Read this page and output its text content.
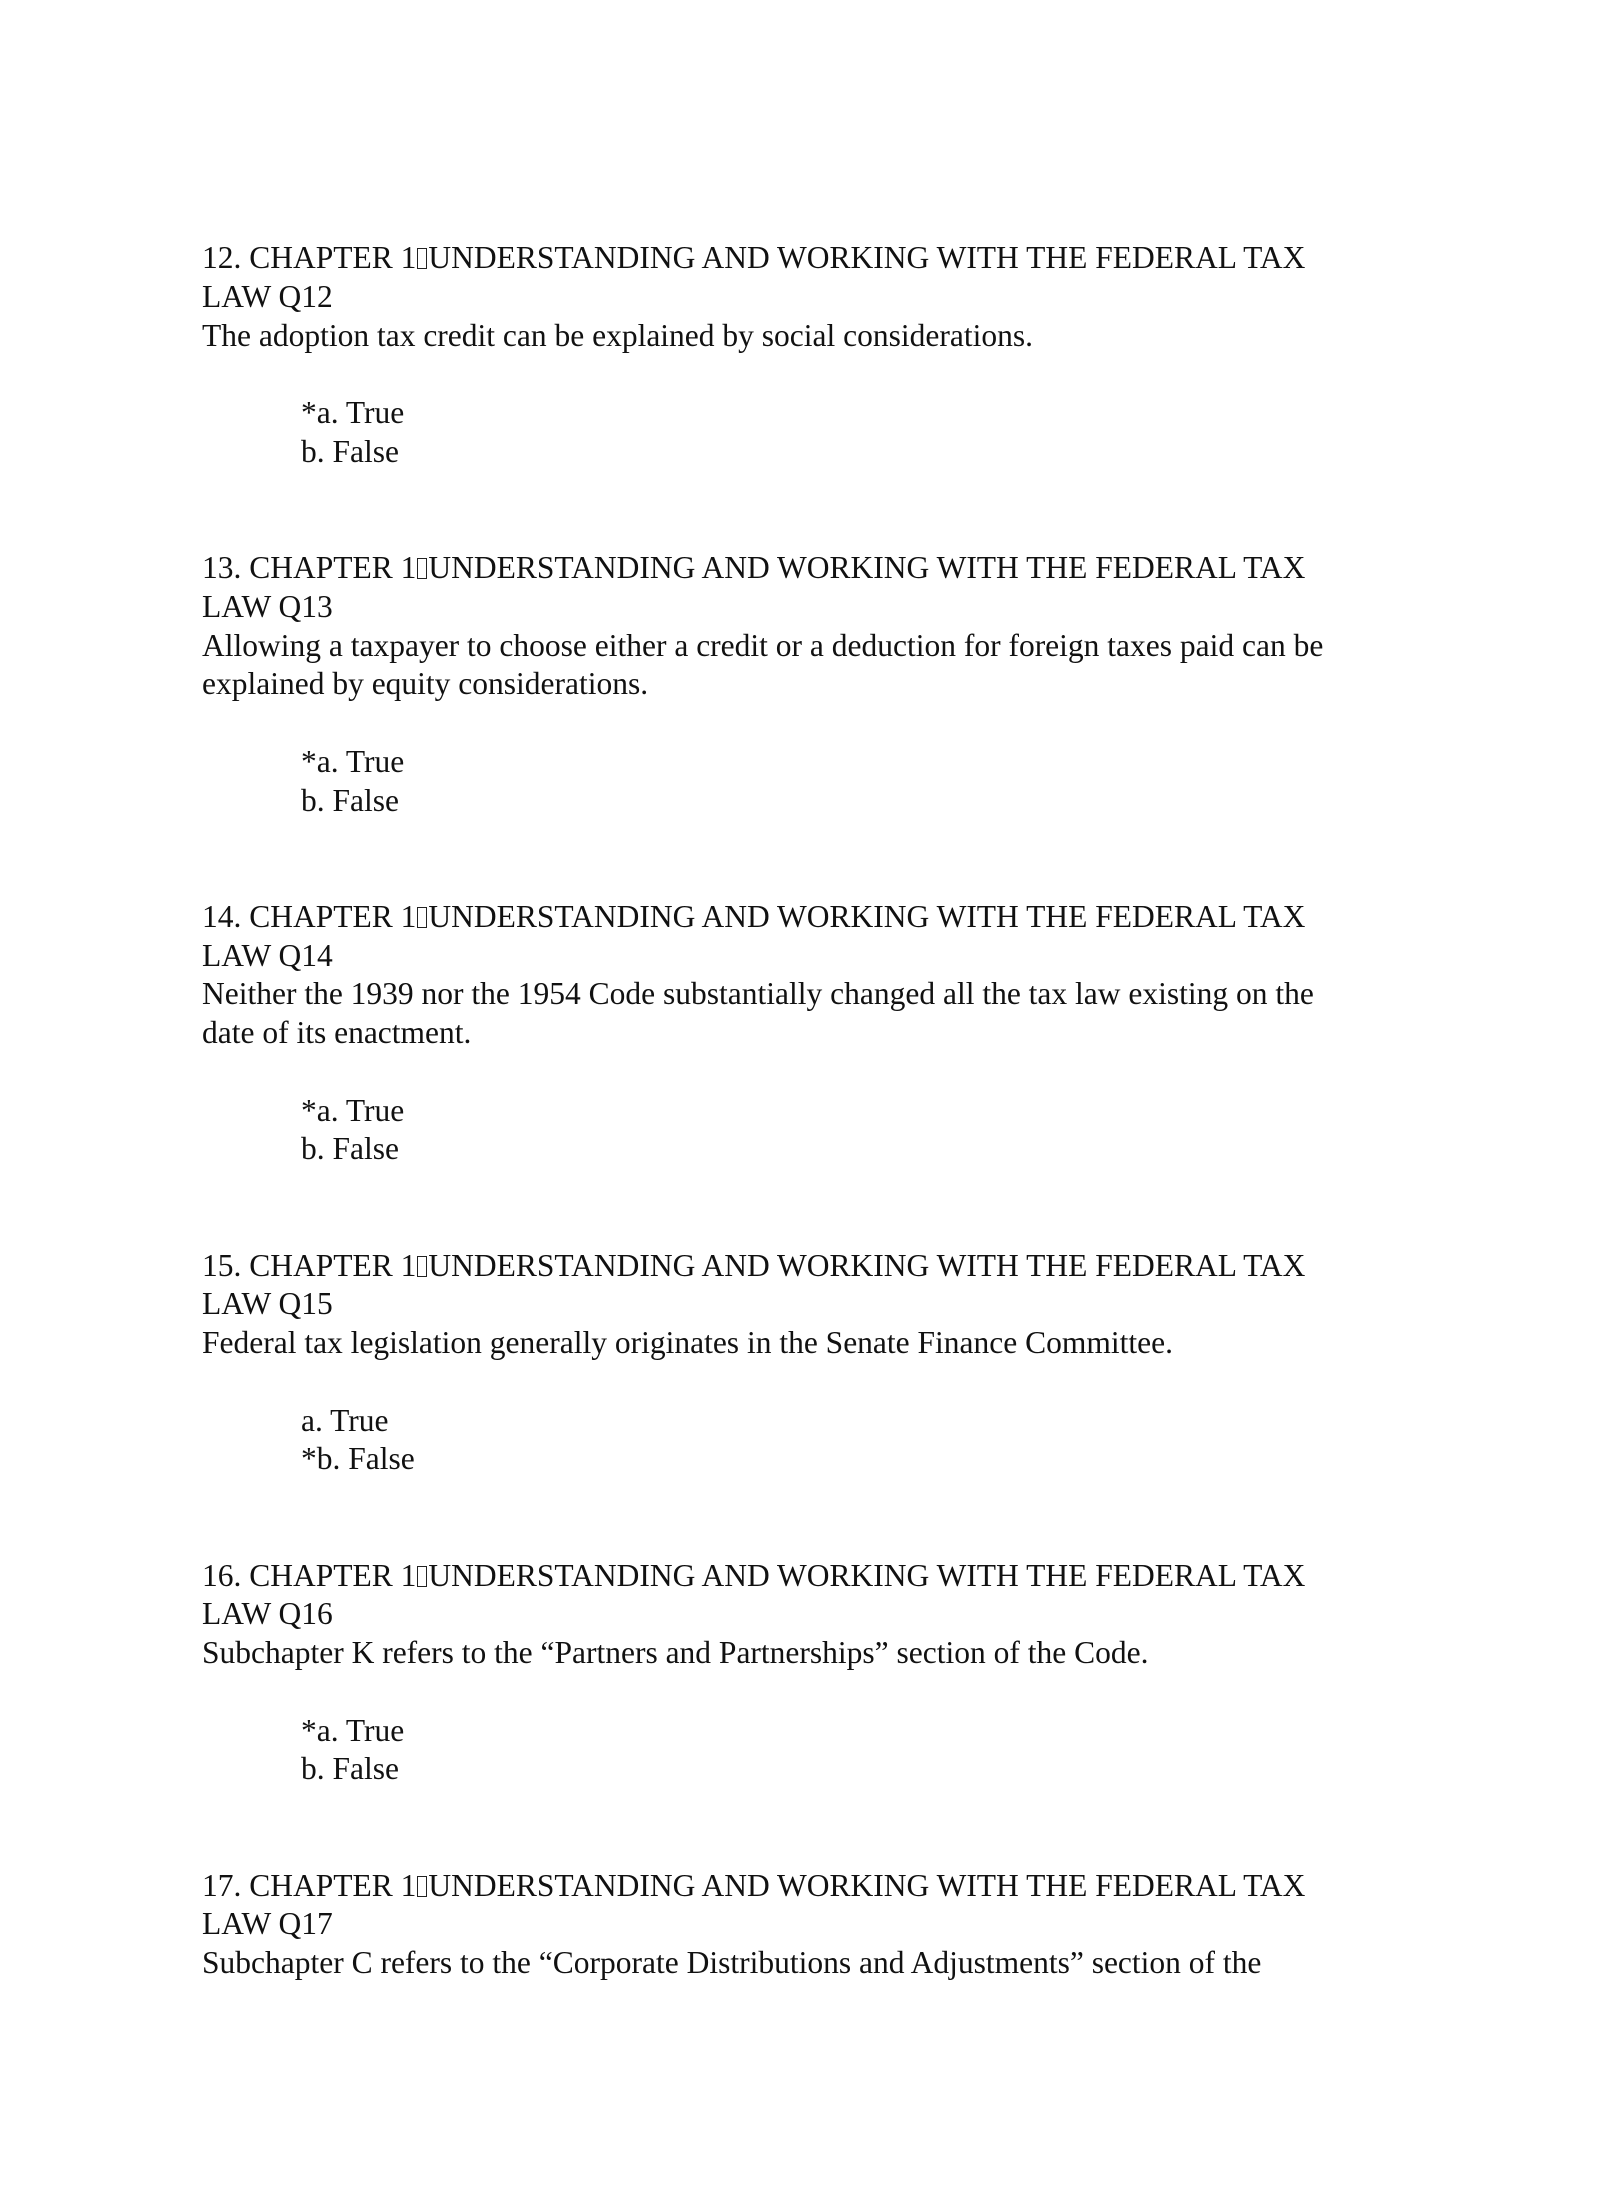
12. CHAPTER 1 UNDERSTANDING AND WORKING WITH THE FEDERAL TAX
LAW Q12
The adoption tax credit can be explained by social considerations.
*a. True
b. False
13. CHAPTER 1 UNDERSTANDING AND WORKING WITH THE FEDERAL TAX
LAW Q13
Allowing a taxpayer to choose either a credit or a deduction for foreign taxes paid can be
explained by equity considerations.
*a. True
b. False
14. CHAPTER 1 UNDERSTANDING AND WORKING WITH THE FEDERAL TAX
LAW Q14
Neither the 1939 nor the 1954 Code substantially changed all the tax law existing on the
date of its enactment.
*a. True
b. False
15. CHAPTER 1 UNDERSTANDING AND WORKING WITH THE FEDERAL TAX
LAW Q15
Federal tax legislation generally originates in the Senate Finance Committee.
a. True
*b. False
16. CHAPTER 1 UNDERSTANDING AND WORKING WITH THE FEDERAL TAX
LAW Q16
Subchapter K refers to the “Partners and Partnerships” section of the Code.
*a. True
b. False
17. CHAPTER 1 UNDERSTANDING AND WORKING WITH THE FEDERAL TAX
LAW Q17
Subchapter C refers to the “Corporate Distributions and Adjustments” section of the
